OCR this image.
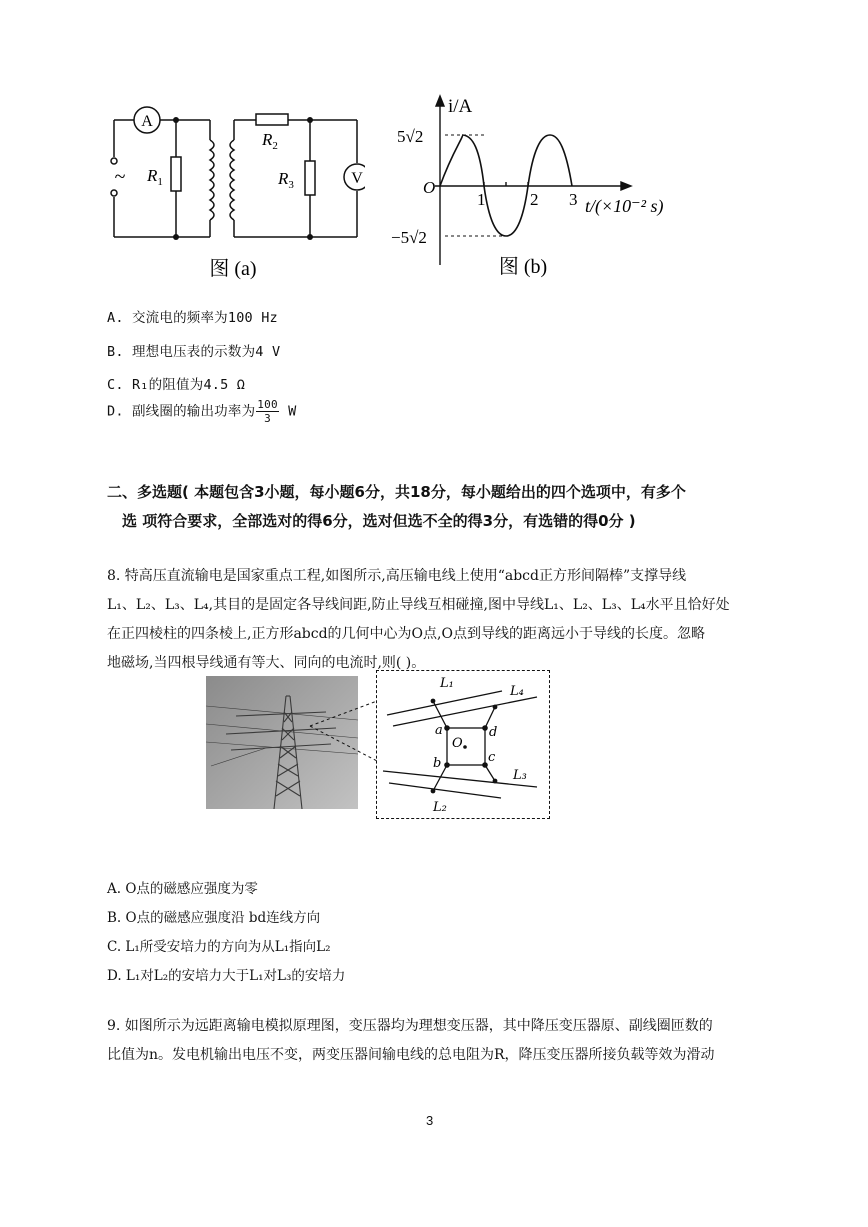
A
V
~ $R_1$
$R_2$
$R_3$
图 (a)
i/A
5√2
−5√2
O
1	2 3 t/(×10⁻² s)
图 (b)
A. 交流电的频率为100 Hz
B. 理想电压表的示数为4 V
C. R₁的阻值为4.5 Ω
D. 副线圈的输出功率为 $\frac{100}{3}$ W
二、多选题( 本题包含3小题，每小题6分，共18分，每小题给出的四个选项中，有多个
选 项符合要求，全部选对的得6分，选对但选不全的得3分，有选错的得0分 )
8. 特高压直流输电是国家重点工程,如图所示,高压输电线上使用“abcd正方形间隔棒”支撑导线
L₁、L₂、L₃、L₄,其目的是固定各导线间距,防止导线互相碰撞,图中导线L₁、L₂、L₃、L₄水平且恰好处
在正四棱柱的四条棱上,正方形abcd的几何中心为O点,O点到导线的距离远小于导线的长度。忽略
地磁场,当四根导线通有等大、同向的电流时,则( )。
L₁
L₄
L₃
L₂
a	d
b	c
O
A. O点的磁感应强度为零
B. O点的磁感应强度沿 bd连线方向
C. L₁所受安培力的方向为从L₁指向L₂
D. L₁对L₂的安培力大于L₁对L₃的安培力
9. 如图所示为远距离输电模拟原理图，变压器均为理想变压器，其中降压变压器原、副线圈匝数的
比值为n。发电机输出电压不变，两变压器间输电线的总电阻为R，降压变压器所接负载等效为滑动
3
